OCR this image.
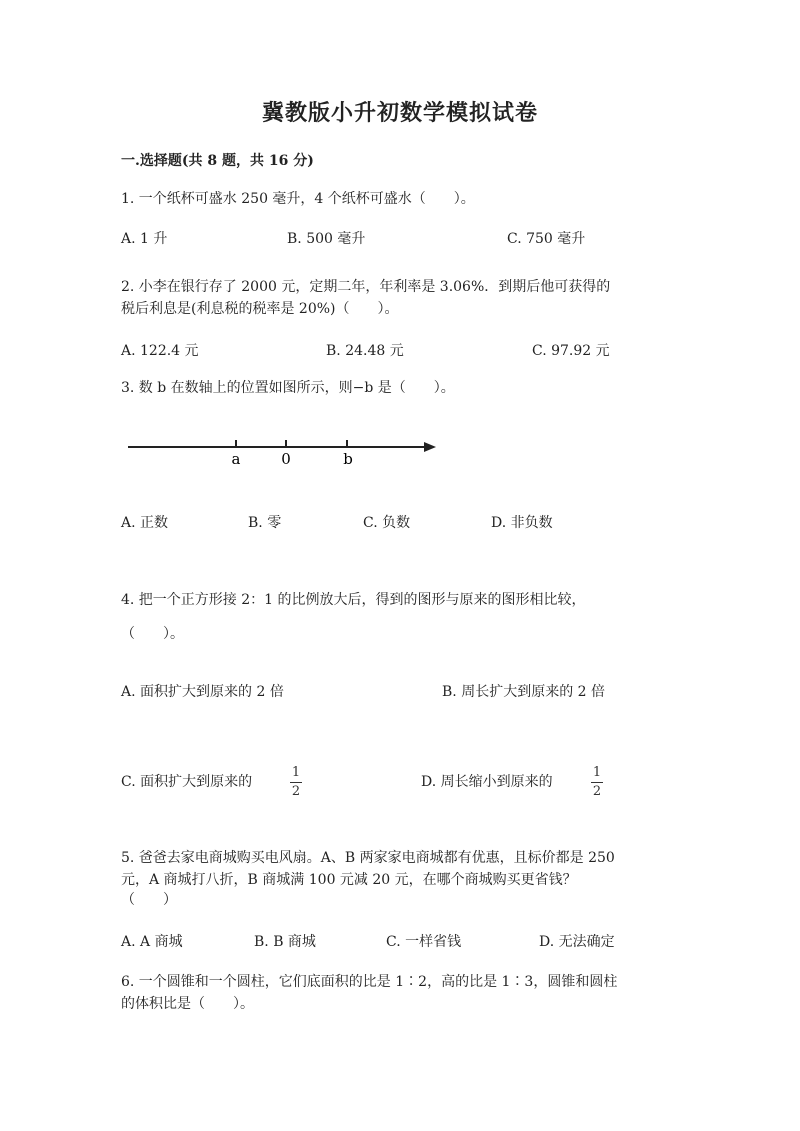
冀教版小升初数学模拟试卷
一.选择题(共 8 题，共 16 分)
1. 一个纸杯可盛水 250 毫升，4 个纸杯可盛水（　　）。
A. 1 升	B. 500 毫升	C. 750 毫升
2. 小李在银行存了 2000 元，定期二年，年利率是 3.06%．到期后他可获得的
税后利息是(利息税的税率是 20%)（　　）。
A. 122.4 元	B. 24.48 元	C. 97.92 元
3. 数 b 在数轴上的位置如图所示，则−b 是（　　）。
a	0	b
A. 正数	B. 零	C. 负数	D. 非负数
4. 把一个正方形接 2：1 的比例放大后，得到的图形与原来的图形相比较，
（　　）。
A. 面积扩大到原来的 2 倍	B. 周长扩大到原来的 2 倍
C. 面积扩大到原来的
1
2
D. 周长缩小到原来的
1
2
5. 爸爸去家电商城购买电风扇。A、B 两家家电商城都有优惠，且标价都是 250
元，A 商城打八折，B 商城满 100 元减 20 元，在哪个商城购买更省钱？
（　　）
A. A 商城	B. B 商城	C. 一样省钱	D. 无法确定
6. 一个圆锥和一个圆柱，它们底面积的比是 1∶2，高的比是 1∶3，圆锥和圆柱
的体积比是（　　）。
